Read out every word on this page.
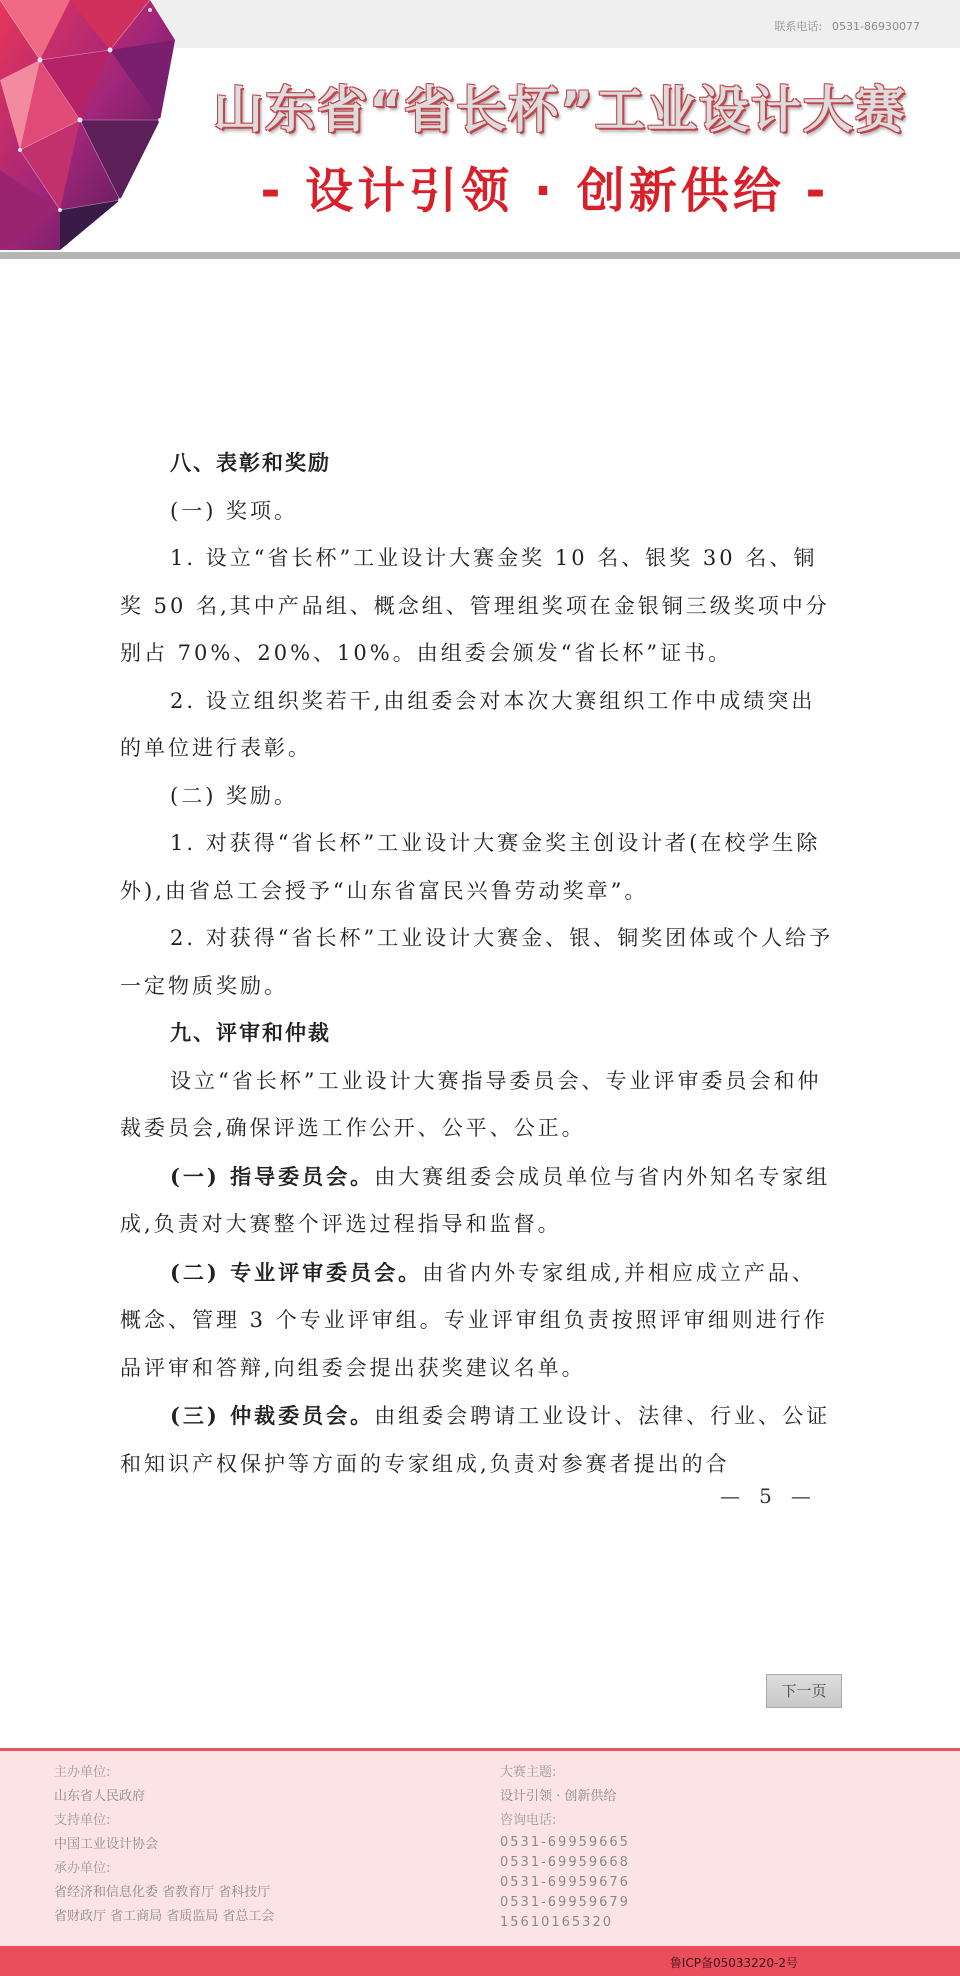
联系电话: 0531-86930077
山东省“省长杯”工业设计大赛
- 设计引领 · 创新供给 -

八、表彰和奖励

(一) 奖项。

1. 设立“省长杯”工业设计大赛金奖 10 名、银奖 30 名、铜奖 50 名,其中产品组、概念组、管理组奖项在金银铜三级奖项中分别占 70%、20%、10%。由组委会颁发“省长杯”证书。

2. 设立组织奖若干,由组委会对本次大赛组织工作中成绩突出的单位进行表彰。

(二) 奖励。

1. 对获得“省长杯”工业设计大赛金奖主创设计者(在校学生除外),由省总工会授予“山东省富民兴鲁劳动奖章”。

2. 对获得“省长杯”工业设计大赛金、银、铜奖团体或个人给予一定物质奖励。

九、评审和仲裁

设立“省长杯”工业设计大赛指导委员会、专业评审委员会和仲裁委员会,确保评选工作公开、公平、公正。

(一) 指导委员会。由大赛组委会成员单位与省内外知名专家组成,负责对大赛整个评选过程指导和监督。

(二) 专业评审委员会。由省内外专家组成,并相应成立产品、概念、管理 3 个专业评审组。专业评审组负责按照评审细则进行作品评审和答辩,向组委会提出获奖建议名单。

(三) 仲裁委员会。由组委会聘请工业设计、法律、行业、公证和知识产权保护等方面的专家组成,负责对参赛者提出的合

— 5 —
下一页
主办单位:
山东省人民政府
支持单位:
中国工业设计协会
承办单位:
省经济和信息化委 省教育厅 省科技厅
省财政厅 省工商局 省质监局 省总工会
大赛主题:
设计引领 · 创新供给
咨询电话:
0531-69959665
0531-69959668
0531-69959676
0531-69959679
15610165320
鲁ICP备05033220-2号
